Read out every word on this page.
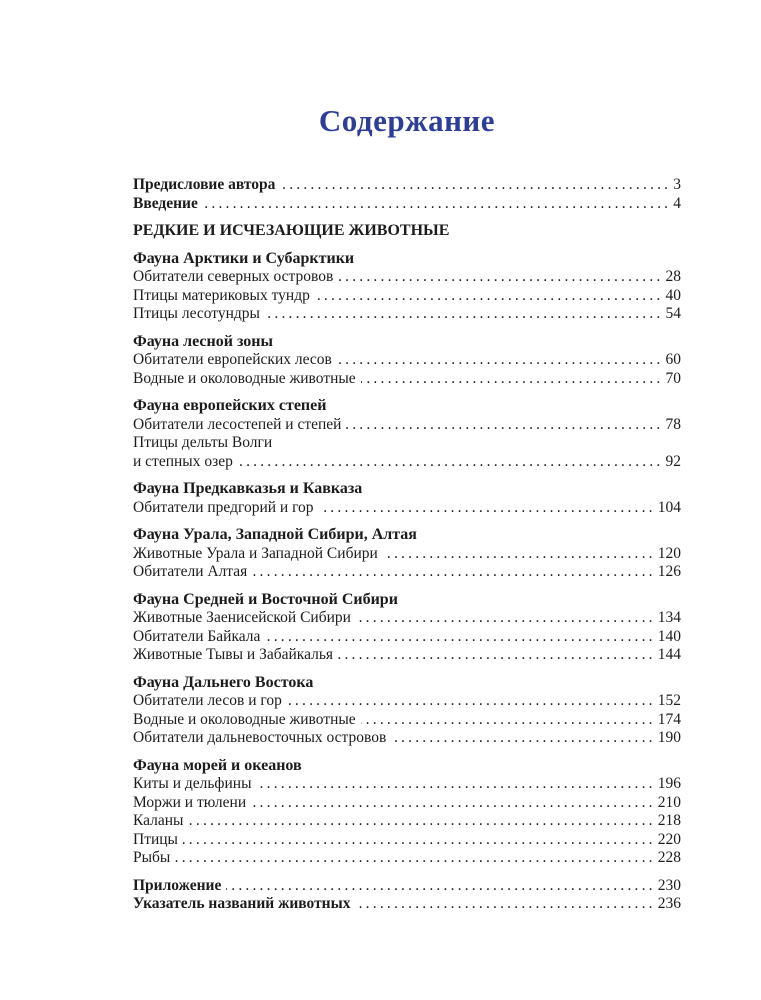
Содержание
Предисловие автора .....	3
Введение .....	4
РЕДКИЕ И ИСЧЕЗАЮЩИЕ ЖИВОТНЫЕ
Фауна Арктики и Субарктики
Обитатели северных островов .....	28
Птицы материковых тундр .....	40
Птицы лесотундры .....	54
Фауна лесной зоны
Обитатели европейских лесов .....	60
Водные и околоводные животные .....	70
Фауна европейских степей
Обитатели лесостепей и степей .....	78
Птицы дельты Волги
и степных озер .....	92
Фауна Предкавказья и Кавказа
Обитатели предгорий и гор .....	104
Фауна Урала, Западной Сибири, Алтая
Животные Урала и Западной Сибири .....	120
Обитатели Алтая .....	126
Фауна Средней и Восточной Сибири
Животные Заенисейской Сибири .....	134
Обитатели Байкала .....	140
Животные Тывы и Забайкалья .....	144
Фауна Дальнего Востока
Обитатели лесов и гор .....	152
Водные и околоводные животные .....	174
Обитатели дальневосточных островов .....	190
Фауна морей и океанов
Киты и дельфины .....	196
Моржи и тюлени .....	210
Каланы .....	218
Птицы .....	220
Рыбы .....	228
Приложение .....	230
Указатель названий животных .....	236
